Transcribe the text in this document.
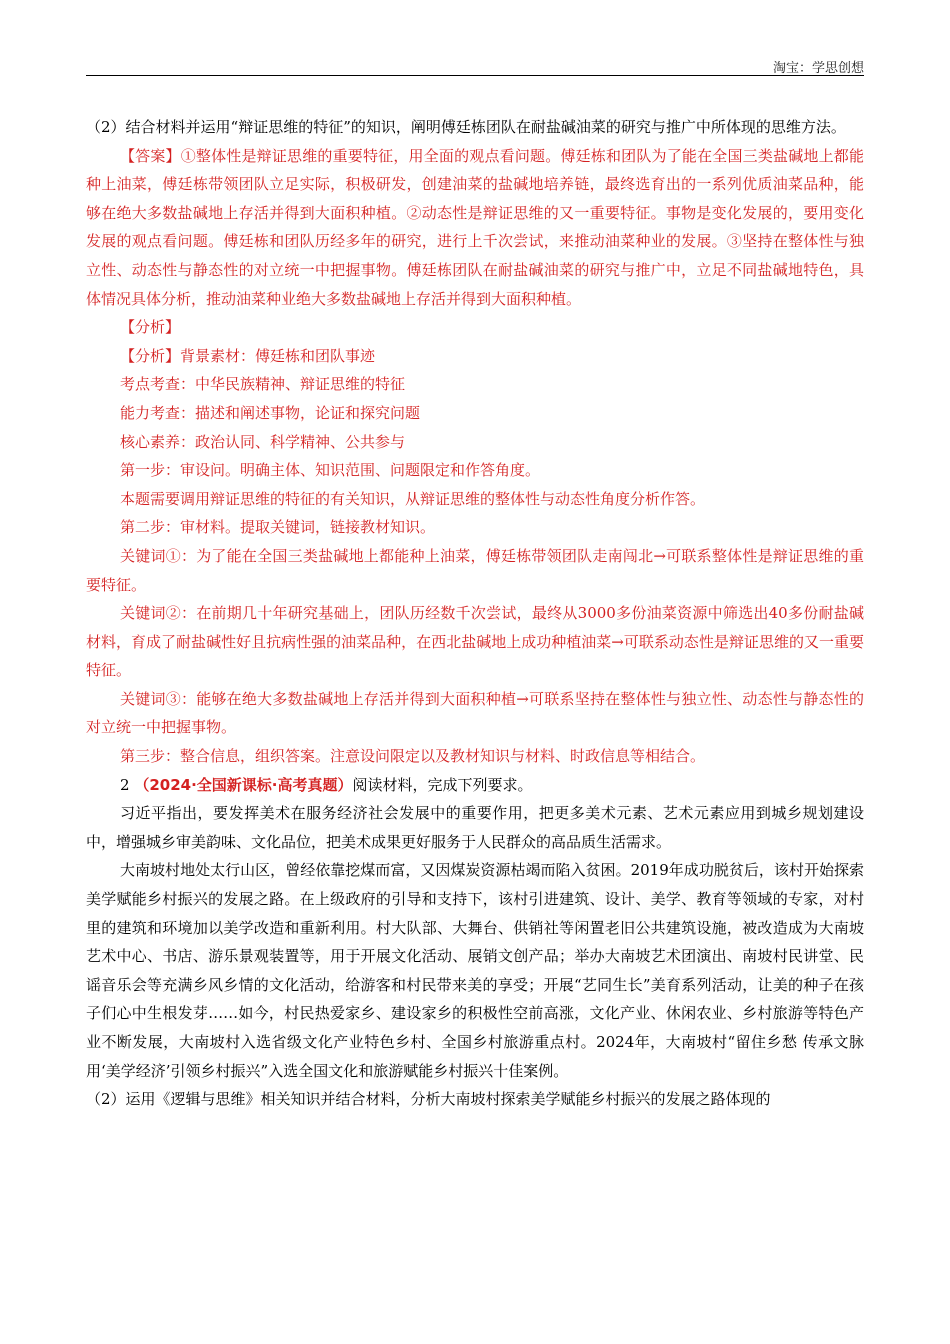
淘宝：学思创想

（2）结合材料并运用“辩证思维的特征”的知识，阐明傅廷栋团队在耐盐碱油菜的研究与推广中所体现的思维方法。

【答案】①整体性是辩证思维的重要特征，用全面的观点看问题。傅廷栋和团队为了能在全国三类盐碱地上都能种上油菜，傅廷栋带领团队立足实际，积极研发，创建油菜的盐碱地培养链，最终选育出的一系列优质油菜品种，能够在绝大多数盐碱地上存活并得到大面积种植。②动态性是辩证思维的又一重要特征。事物是变化发展的，要用变化发展的观点看问题。傅廷栋和团队历经多年的研究，进行上千次尝试，来推动油菜种业的发展。③坚持在整体性与独立性、动态性与静态性的对立统一中把握事物。傅廷栋团队在耐盐碱油菜的研究与推广中，立足不同盐碱地特色，具体情况具体分析，推动油菜种业绝大多数盐碱地上存活并得到大面积种植。

【分析】

【分析】背景素材：傅廷栋和团队事迹

考点考查：中华民族精神、辩证思维的特征

能力考查：描述和阐述事物，论证和探究问题

核心素养：政治认同、科学精神、公共参与

第一步：审设问。明确主体、知识范围、问题限定和作答角度。

本题需要调用辩证思维的特征的有关知识，从辩证思维的整体性与动态性角度分析作答。

第二步：审材料。提取关键词，链接教材知识。

关键词①：为了能在全国三类盐碱地上都能种上油菜，傅廷栋带领团队走南闯北→可联系整体性是辩证思维的重要特征。

关键词②：在前期几十年研究基础上，团队历经数千次尝试，最终从3000多份油菜资源中筛选出40多份耐盐碱材料，育成了耐盐碱性好且抗病性强的油菜品种，在西北盐碱地上成功种植油菜→可联系动态性是辩证思维的又一重要特征。

关键词③：能够在绝大多数盐碱地上存活并得到大面积种植→可联系坚持在整体性与独立性、动态性与静态性的对立统一中把握事物。

第三步：整合信息，组织答案。注意设问限定以及教材知识与材料、时政信息等相结合。

2 （2024·全国新课标·高考真题）阅读材料，完成下列要求。

习近平指出，要发挥美术在服务经济社会发展中的重要作用，把更多美术元素、艺术元素应用到城乡规划建设中，增强城乡审美韵味、文化品位，把美术成果更好服务于人民群众的高品质生活需求。

大南坡村地处太行山区，曾经依靠挖煤而富，又因煤炭资源枯竭而陷入贫困。2019年成功脱贫后，该村开始探索美学赋能乡村振兴的发展之路。在上级政府的引导和支持下，该村引进建筑、设计、美学、教育等领域的专家，对村里的建筑和环境加以美学改造和重新利用。村大队部、大舞台、供销社等闲置老旧公共建筑设施，被改造成为大南坡艺术中心、书店、游乐景观装置等，用于开展文化活动、展销文创产品；举办大南坡艺术团演出、南坡村民讲堂、民谣音乐会等充满乡风乡情的文化活动，给游客和村民带来美的享受；开展“艺同生长”美育系列活动，让美的种子在孩子们心中生根发芽……如今，村民热爱家乡、建设家乡的积极性空前高涨，文化产业、休闲农业、乡村旅游等特色产业不断发展，大南坡村入选省级文化产业特色乡村、全国乡村旅游重点村。2024年，大南坡村“留住乡愁 传承文脉 用‘美学经济’引领乡村振兴”入选全国文化和旅游赋能乡村振兴十佳案例。

（2）运用《逻辑与思维》相关知识并结合材料，分析大南坡村探索美学赋能乡村振兴的发展之路体现的
